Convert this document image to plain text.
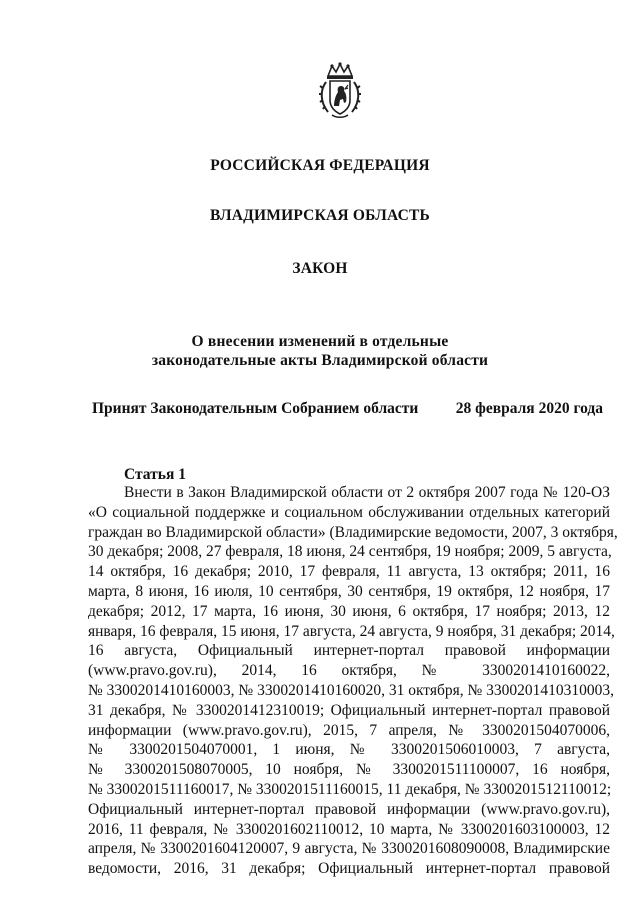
РОССИЙСКАЯ ФЕДЕРАЦИЯ
ВЛАДИМИРСКАЯ ОБЛАСТЬ
ЗАКОН
О внесении изменений в отдельные
законодательные акты Владимирской области
Принят Законодательным Собранием области 28 февраля 2020 года
Статья 1
Внести в Закон Владимирской области от 2 октября 2007 года № 120-ОЗ
«О социальной поддержке и социальном обслуживании отдельных категорий
граждан во Владимирской области» (Владимирские ведомости, 2007, 3 октября,
30 декабря; 2008, 27 февраля, 18 июня, 24 сентября, 19 ноября; 2009, 5 августа,
14 октября, 16 декабря; 2010, 17 февраля, 11 августа, 13 октября; 2011, 16
марта, 8 июня, 16 июля, 10 сентября, 30 сентября, 19 октября, 12 ноября, 17
декабря; 2012, 17 марта, 16 июня, 30 июня, 6 октября, 17 ноября; 2013, 12
января, 16 февраля, 15 июня, 17 августа, 24 августа, 9 ноября, 31 декабря; 2014,
16 августа, Официальный интернет-портал правовой информации
(www.pravo.gov.ru), 2014, 16 октября, № 3300201410160022,
№ 3300201410160003, № 3300201410160020, 31 октября, № 3300201410310003,
31 декабря, № 3300201412310019; Официальный интернет-портал правовой
информации (www.pravo.gov.ru), 2015, 7 апреля, № 3300201504070006,
№ 3300201504070001, 1 июня, № 3300201506010003, 7 августа,
№ 3300201508070005, 10 ноября, № 3300201511100007, 16 ноября,
№ 3300201511160017, № 3300201511160015, 11 декабря, № 3300201512110012;
Официальный интернет-портал правовой информации (www.pravo.gov.ru),
2016, 11 февраля, № 3300201602110012, 10 марта, № 3300201603100003, 12
апреля, № 3300201604120007, 9 августа, № 3300201608090008, Владимирские
ведомости, 2016, 31 декабря; Официальный интернет-портал правовой
